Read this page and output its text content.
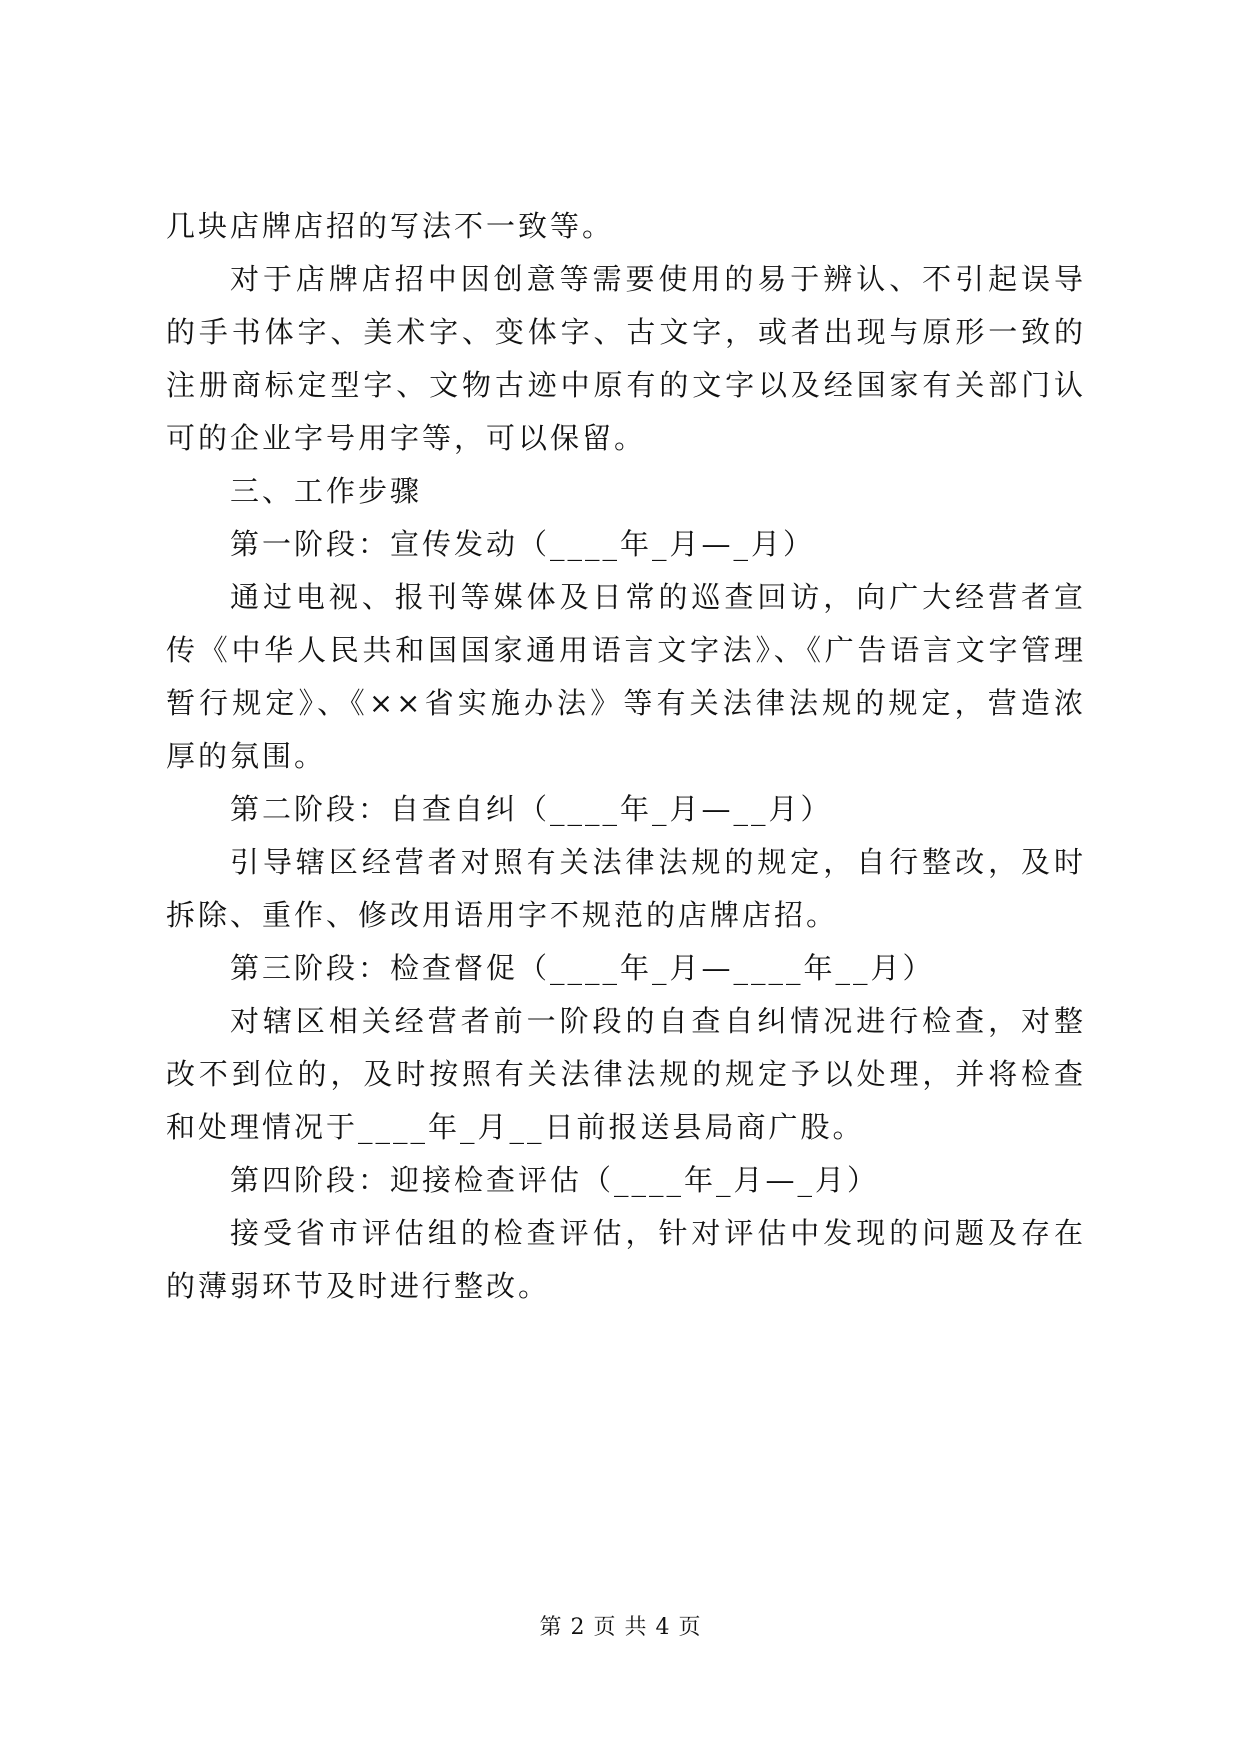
几块店牌店招的写法不一致等。

对于店牌店招中因创意等需要使用的易于辨认、不引起误导的手书体字、美术字、变体字、古文字，或者出现与原形一致的注册商标定型字、文物古迹中原有的文字以及经国家有关部门认可的企业字号用字等，可以保留。

三、工作步骤

第一阶段：宣传发动（____年_月—_月）

通过电视、报刊等媒体及日常的巡查回访，向广大经营者宣传《中华人民共和国国家通用语言文字法》、《广告语言文字管理暂行规定》、《××省实施办法》等有关法律法规的规定，营造浓厚的氛围。

第二阶段：自查自纠（____年_月—__月）

引导辖区经营者对照有关法律法规的规定，自行整改，及时拆除、重作、修改用语用字不规范的店牌店招。

第三阶段：检查督促（____年_月—____年__月）

对辖区相关经营者前一阶段的自查自纠情况进行检查，对整改不到位的，及时按照有关法律法规的规定予以处理，并将检查和处理情况于____年_月__日前报送县局商广股。

第四阶段：迎接检查评估（____年_月—_月）

接受省市评估组的检查评估，针对评估中发现的问题及存在的薄弱环节及时进行整改。

第 2 页 共 4 页
